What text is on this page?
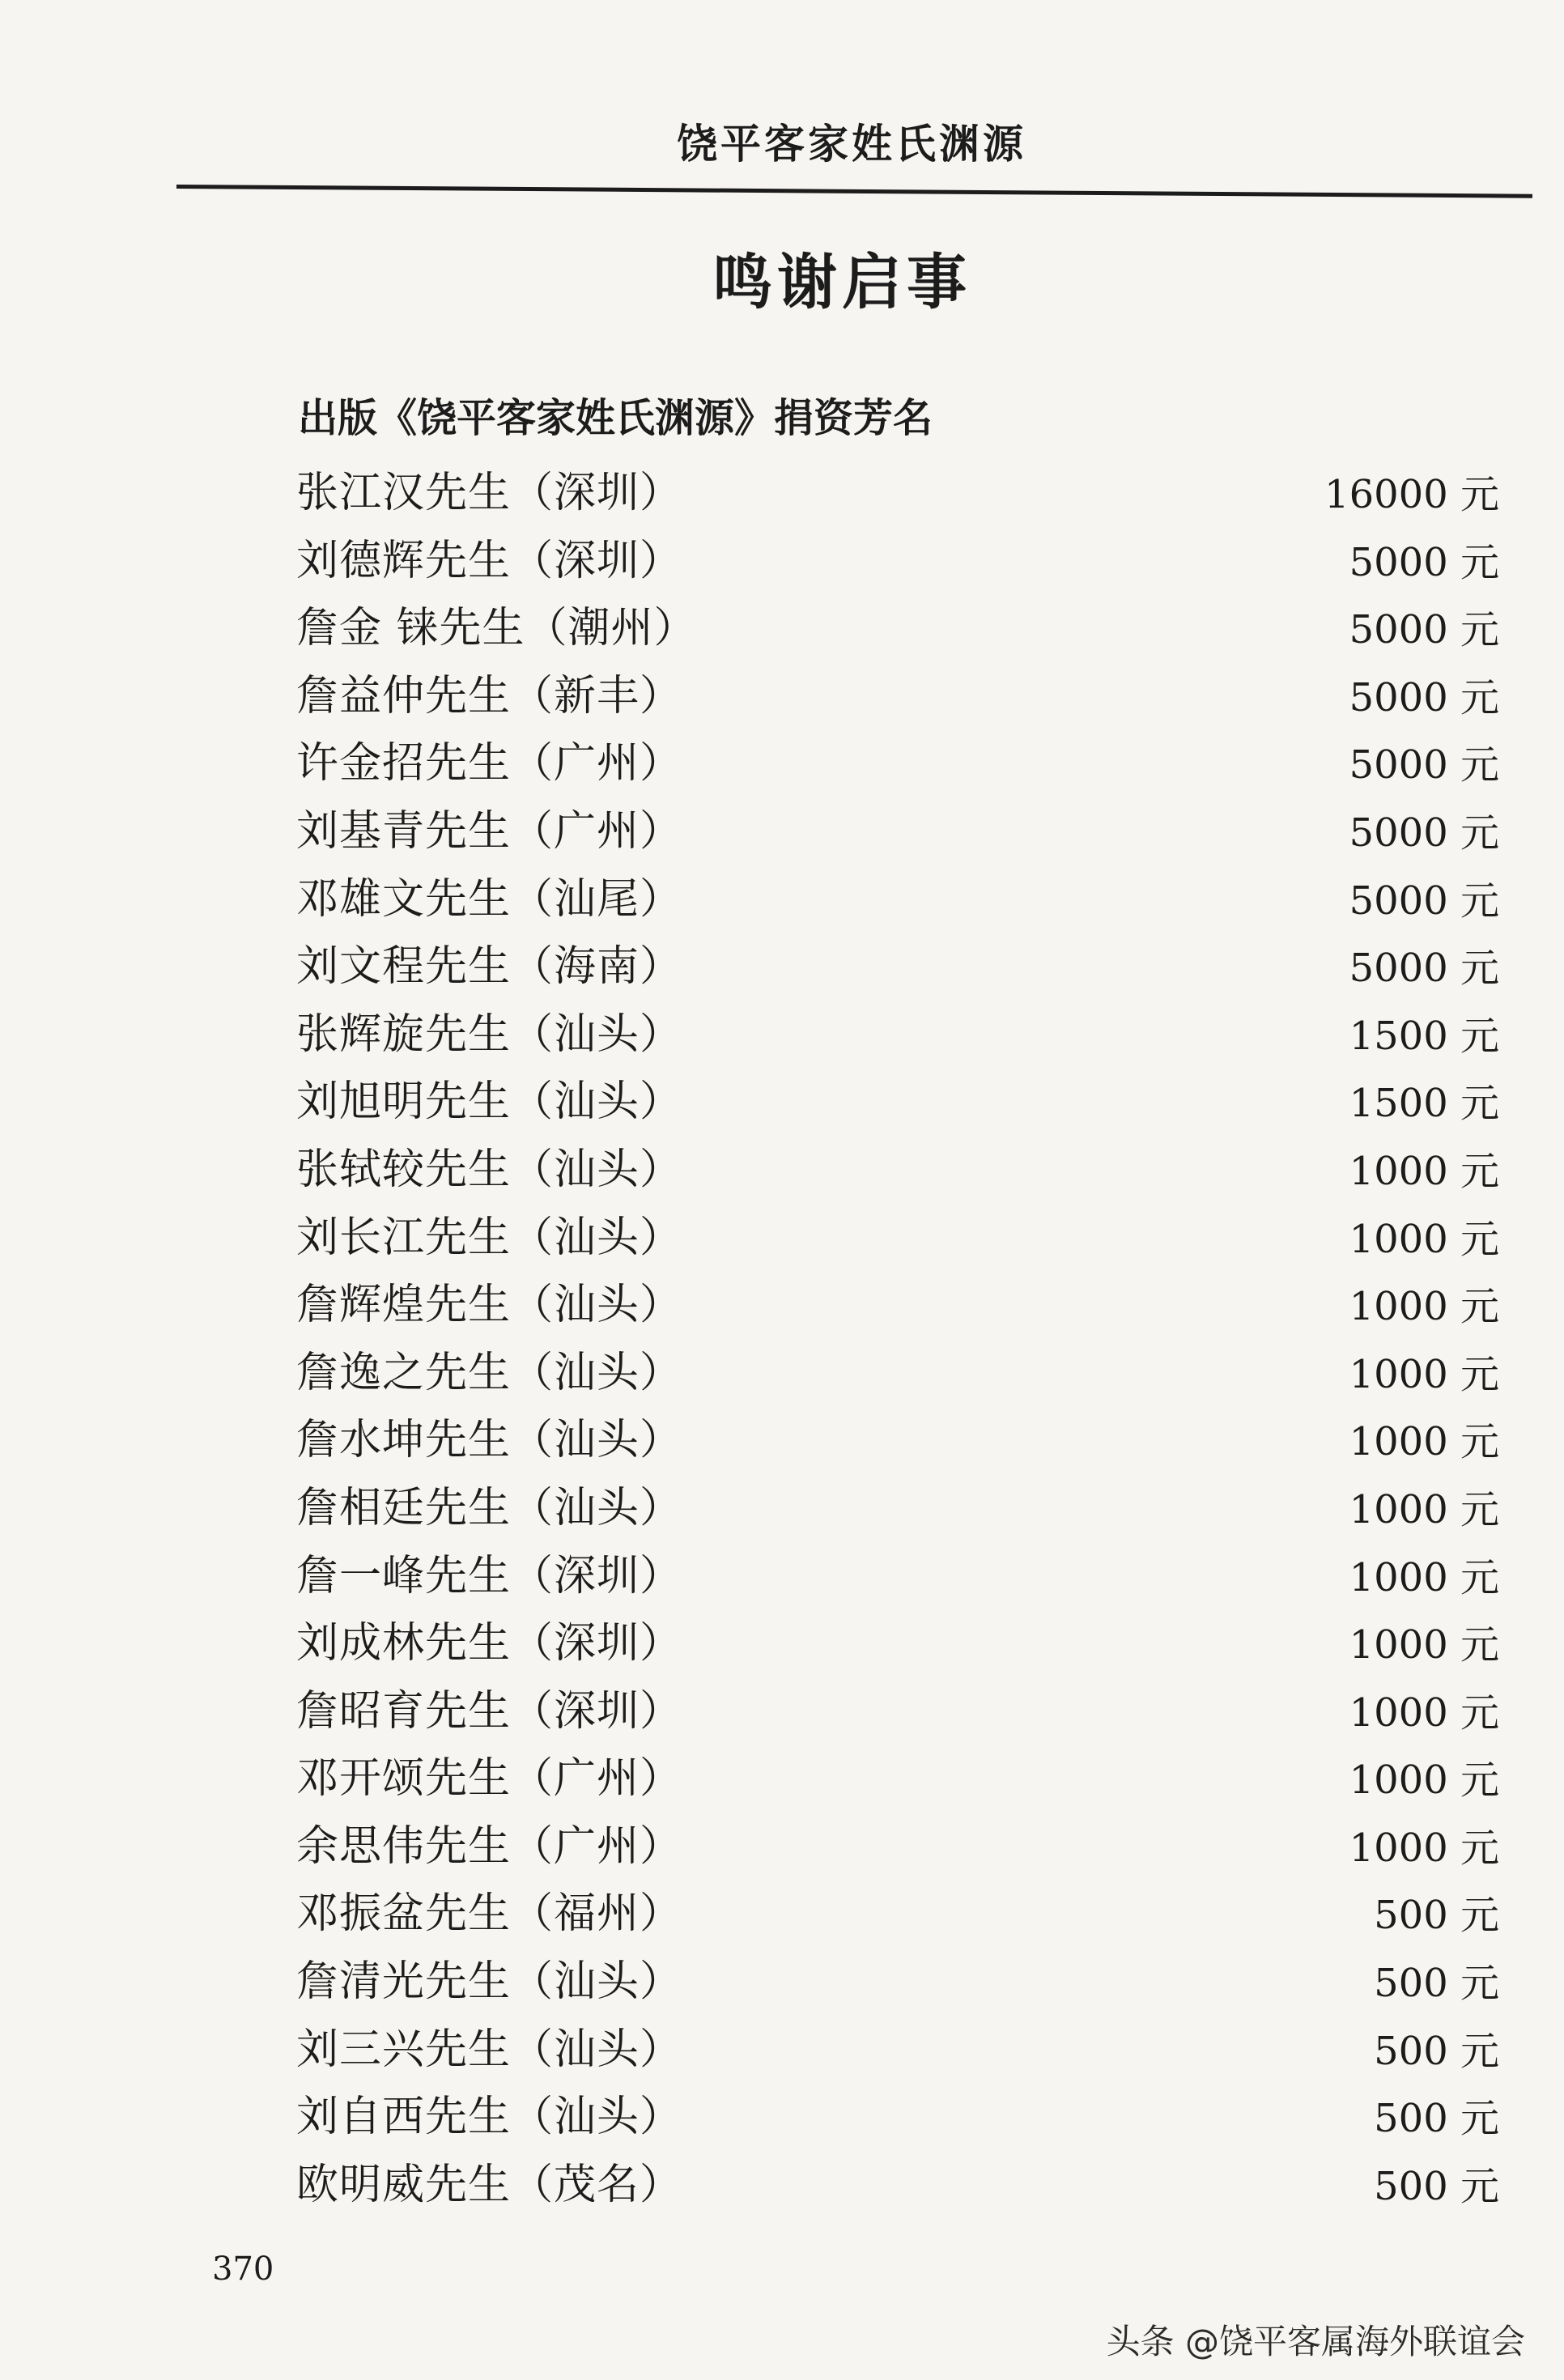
饶平客家姓氏渊源
鸣谢启事
出版《饶平客家姓氏渊源》捐资芳名
张江汉先生（深圳）	16000 元
刘德辉先生（深圳）	5000 元
詹金 铼先生（潮州）	5000 元
詹益仲先生（新丰）	5000 元
许金招先生（广州）	5000 元
刘基青先生（广州）	5000 元
邓雄文先生（汕尾）	5000 元
刘文程先生（海南）	5000 元
张辉旋先生（汕头）	1500 元
刘旭明先生（汕头）	1500 元
张轼较先生（汕头）	1000 元
刘长江先生（汕头）	1000 元
詹辉煌先生（汕头）	1000 元
詹逸之先生（汕头）	1000 元
詹水坤先生（汕头）	1000 元
詹相廷先生（汕头）	1000 元
詹一峰先生（深圳）	1000 元
刘成林先生（深圳）	1000 元
詹昭育先生（深圳）	1000 元
邓开颂先生（广州）	1000 元
余思伟先生（广州）	1000 元
邓振盆先生（福州）	500 元
詹清光先生（汕头）	500 元
刘三兴先生（汕头）	500 元
刘自西先生（汕头）	500 元
欧明威先生（茂名）	500 元
370
头条 @饶平客属海外联谊会
